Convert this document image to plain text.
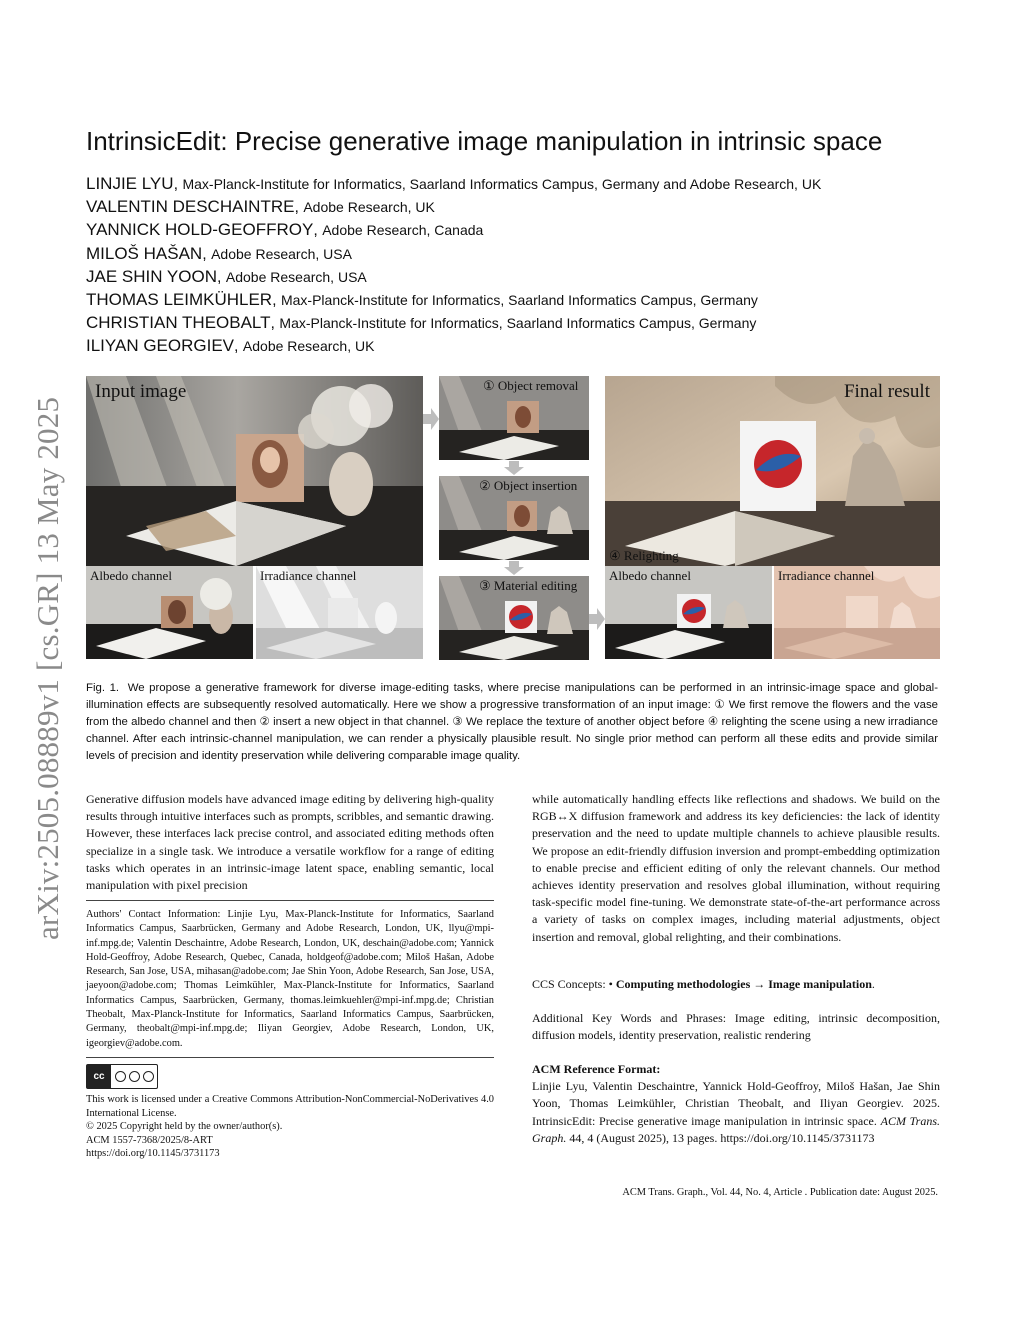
arXiv:2505.08889v1 [cs.GR] 13 May 2025
IntrinsicEdit: Precise generative image manipulation in intrinsic space
LINJIE LYU, Max-Planck-Institute for Informatics, Saarland Informatics Campus, Germany and Adobe Research, UK
VALENTIN DESCHAINTRE, Adobe Research, UK
YANNICK HOLD-GEOFFROY, Adobe Research, Canada
MILOŠ HAŠAN, Adobe Research, USA
JAE SHIN YOON, Adobe Research, USA
THOMAS LEIMKÜHLER, Max-Planck-Institute for Informatics, Saarland Informatics Campus, Germany
CHRISTIAN THEOBALT, Max-Planck-Institute for Informatics, Saarland Informatics Campus, Germany
ILIYAN GEORGIEV, Adobe Research, UK
Input image
Albedo channel	Irradiance channel
① Object removal
② Object insertion
③ Material editing
Final result
④ Relighting
Albedo channel	Irradiance channel

Fig. 1. We propose a generative framework for diverse image-editing tasks, where precise manipulations can be performed in an intrinsic-image space and global-illumination effects are subsequently resolved automatically. Here we show a progressive transformation of an input image: ① We first remove the flowers and the vase from the albedo channel and then ② insert a new object in that channel. ③ We replace the texture of another object before ④ relighting the scene using a new irradiance channel. After each intrinsic-channel manipulation, we can render a physically plausible result. No single prior method can perform all these edits and provide similar levels of precision and identity preservation while delivering comparable image quality.

Generative diffusion models have advanced image editing by delivering high-quality results through intuitive interfaces such as prompts, scribbles, and semantic drawing. However, these interfaces lack precise control, and associated editing methods often specialize in a single task. We introduce a versatile workflow for a range of editing tasks which operates in an intrinsic-image latent space, enabling semantic, local manipulation with pixel precision

while automatically handling effects like reflections and shadows. We build on the RGB↔X diffusion framework and address its key deficiencies: the lack of identity preservation and the need to update multiple channels to achieve plausible results. We propose an edit-friendly diffusion inversion and prompt-embedding optimization to enable precise and efficient editing of only the relevant channels. Our method achieves identity preservation and resolves global illumination, without requiring task-specific model fine-tuning. We demonstrate state-of-the-art performance across a variety of tasks on complex images, including material adjustments, object insertion and removal, global relighting, and their combinations.

Authors' Contact Information: Linjie Lyu, Max-Planck-Institute for Informatics, Saarland Informatics Campus, Saarbrücken, Germany and Adobe Research, London, UK, llyu@mpi-inf.mpg.de; Valentin Deschaintre, Adobe Research, London, UK, deschain@adobe.com; Yannick Hold-Geoffroy, Adobe Research, Quebec, Canada, holdgeof@adobe.com; Miloš Hašan, Adobe Research, San Jose, USA, mihasan@adobe.com; Jae Shin Yoon, Adobe Research, San Jose, USA, jaeyoon@adobe.com; Thomas Leimkühler, Max-Planck-Institute for Informatics, Saarland Informatics Campus, Saarbrücken, Germany, thomas.leimkuehler@mpi-inf.mpg.de; Christian Theobalt, Max-Planck-Institute for Informatics, Saarland Informatics Campus, Saarbrücken, Germany, theobalt@mpi-inf.mpg.de; Iliyan Georgiev, Adobe Research, London, UK, igeorgiev@adobe.com.

cc
This work is licensed under a Creative Commons Attribution-NonCommercial-NoDerivatives 4.0 International License.
© 2025 Copyright held by the owner/author(s).
ACM 1557-7368/2025/8-ART
https://doi.org/10.1145/3731173

CCS Concepts: • Computing methodologies → Image manipulation.

Additional Key Words and Phrases: Image editing, intrinsic decomposition, diffusion models, identity preservation, realistic rendering

ACM Reference Format:
Linjie Lyu, Valentin Deschaintre, Yannick Hold-Geoffroy, Miloš Hašan, Jae Shin Yoon, Thomas Leimkühler, Christian Theobalt, and Iliyan Georgiev. 2025. IntrinsicEdit: Precise generative image manipulation in intrinsic space. ACM Trans. Graph. 44, 4 (August 2025), 13 pages. https://doi.org/10.1145/3731173
ACM Trans. Graph., Vol. 44, No. 4, Article . Publication date: August 2025.
